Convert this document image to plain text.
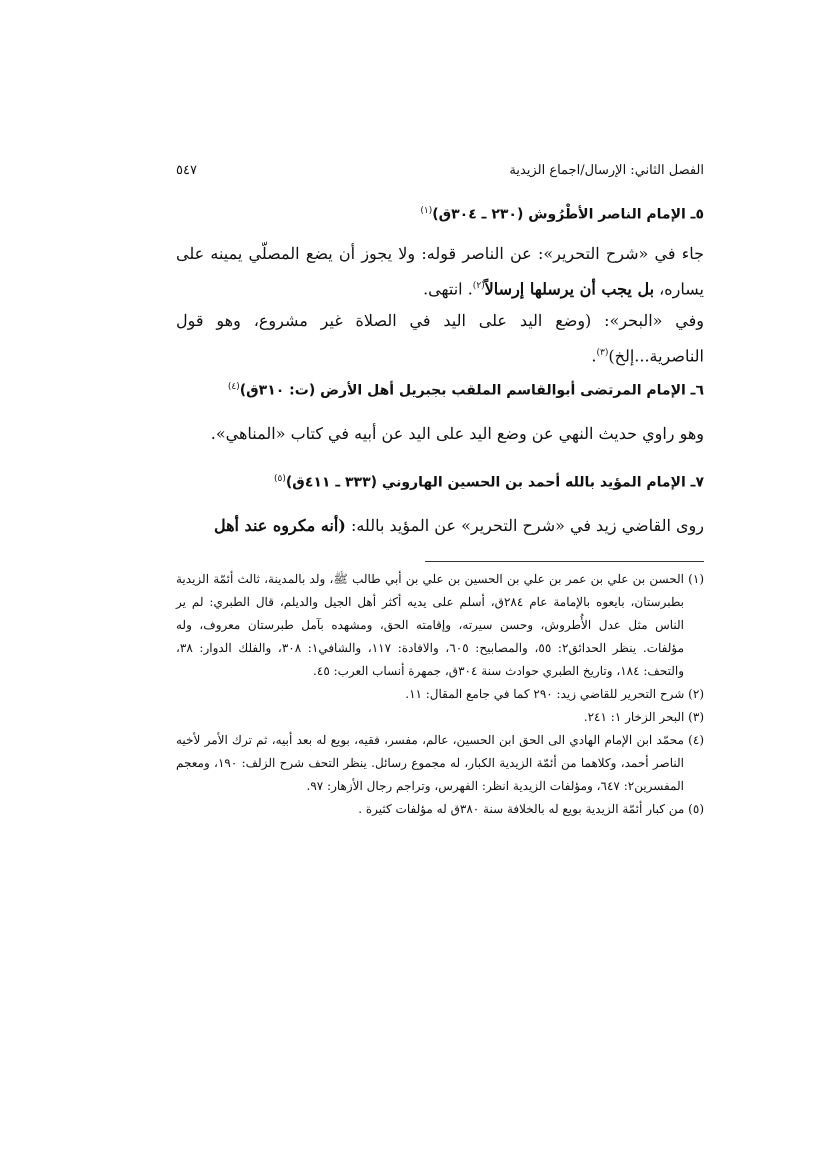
الفصل الثاني: الإرسال/اجماع الزيدية
٥٤٧

٥ـ الإمام الناصر الأطْرُوش (٢٣٠ ـ ٣٠٤ق)$^{(١)}$

جاء في «شرح التحرير»: عن الناصر قوله: ولا يجوز أن يضع المصلّي يمينه على يساره، بل يجب أن يرسلها إرسالاً$^{(٢)}$. انتهى.

وفي «البحر»: (وضع اليد على اليد في الصلاة غير مشروع، وهو قول الناصرية...إلخ)$^{(٣)}$.

٦ـ الإمام المرتضى أبوالقاسم الملقب بجبريل أهل الأرض (ت: ٣١٠ق)$^{(٤)}$

وهو راوي حديث النهي عن وضع اليد على اليد عن أبيه في كتاب «المناهي».

٧ـ الإمام المؤيد بالله أحمد بن الحسين الهاروني (٣٣٣ ـ ٤١١ق)$^{(٥)}$

روى القاضي زيد في «شرح التحرير» عن المؤيد بالله: (أنه مكروه عند أهل

(١) الحسن بن علي بن عمر بن علي بن الحسين بن علي بن أبي طالب ﷺ، ولد بالمدينة، ثالث أئمّة الزيدية بطبرستان، بايعوه بالإمامة عام ٢٨٤ق، أسلم على يديه أكثر أهل الجيل والديلم، قال الطبري: لم ير الناس مثل عدل الأُطروش، وحسن سيرته، وإقامته الحق، ومشهده بآمل طبرستان معروف، وله مؤلفات. ينظر الحدائق٢: ٥٥، والمصابيح: ٦٠٥، والافادة: ١١٧، والشافي١: ٣٠٨، والفلك الدوار: ٣٨، والتحف: ١٨٤، وتاريخ الطبري حوادث سنة ٣٠٤ق، جمهرة أنساب العرب: ٤٥.

(٢) شرح التحرير للقاضي زيد: ٢٩٠ كما في جامع المقال: ١١.

(٣) البحر الزخار ١: ٢٤١.

(٤) محمّد ابن الإمام الهادي الى الحق ابن الحسين، عالم، مفسر، فقيه، بويع له بعد أبيه، ثم ترك الأمر لأخيه الناصر أحمد، وكلاهما من أئمّة الزيدية الكبار، له مجموع رسائل. ينظر التحف شرح الزلف: ١٩٠، ومعجم المفسرين٢: ٦٤٧، ومؤلفات الزيدية انظر: الفهرس، وتراجم رجال الأزهار: ٩٧.

(٥) من كبار أئمّة الزيدية بويع له بالخلافة سنة ٣٨٠ق له مؤلفات كثيرة .
